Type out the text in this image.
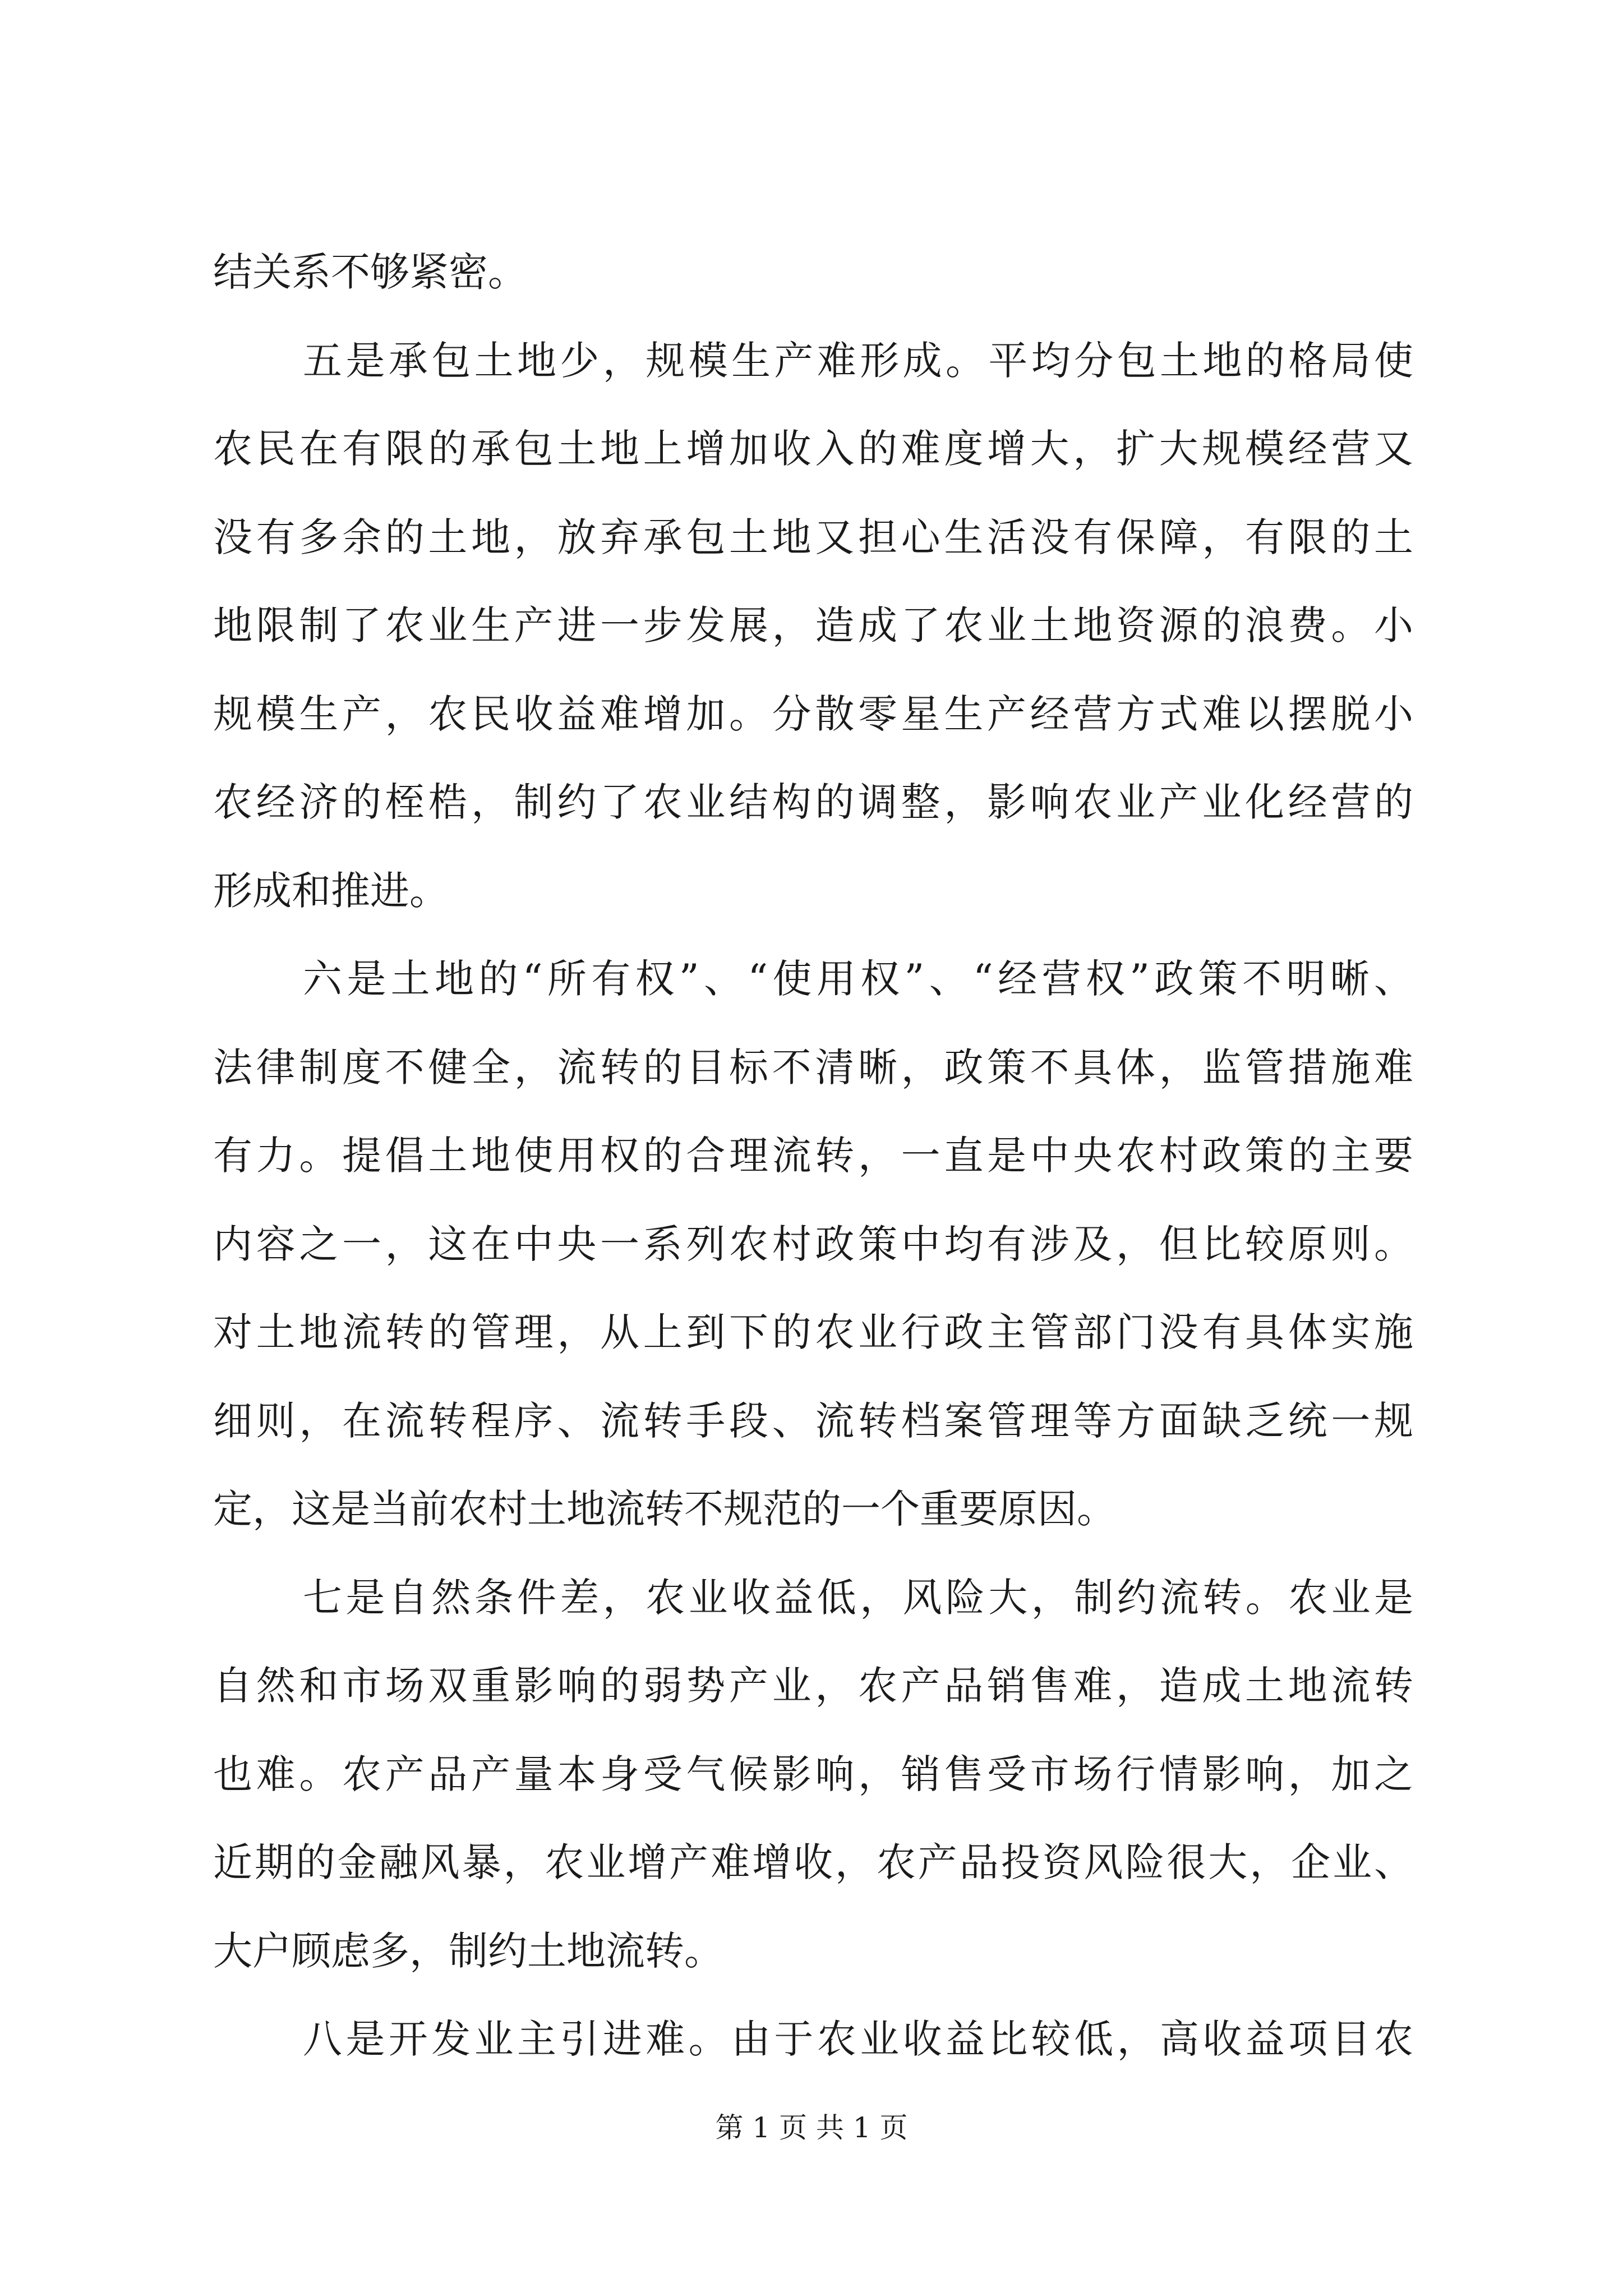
结关系不够紧密。
五是承包土地少，规模生产难形成。平均分包土地的格局使
农民在有限的承包土地上增加收入的难度增大，扩大规模经营又
没有多余的土地，放弃承包土地又担心生活没有保障，有限的土
地限制了农业生产进一步发展，造成了农业土地资源的浪费。小
规模生产，农民收益难增加。分散零星生产经营方式难以摆脱小
农经济的桎梏，制约了农业结构的调整，影响农业产业化经营的
形成和推进。
六是土地的“所有权”、“使用权”、“经营权”政策不明晰、
法律制度不健全，流转的目标不清晰，政策不具体，监管措施难
有力。提倡土地使用权的合理流转，一直是中央农村政策的主要
内容之一，这在中央一系列农村政策中均有涉及，但比较原则。
对土地流转的管理，从上到下的农业行政主管部门没有具体实施
细则，在流转程序、流转手段、流转档案管理等方面缺乏统一规
定，这是当前农村土地流转不规范的一个重要原因。
七是自然条件差，农业收益低，风险大，制约流转。农业是
自然和市场双重影响的弱势产业，农产品销售难，造成土地流转
也难。农产品产量本身受气候影响，销售受市场行情影响，加之
近期的金融风暴，农业增产难增收，农产品投资风险很大，企业、
大户顾虑多，制约土地流转。
八是开发业主引进难。由于农业收益比较低，高收益项目农
第 1 页 共 1 页
